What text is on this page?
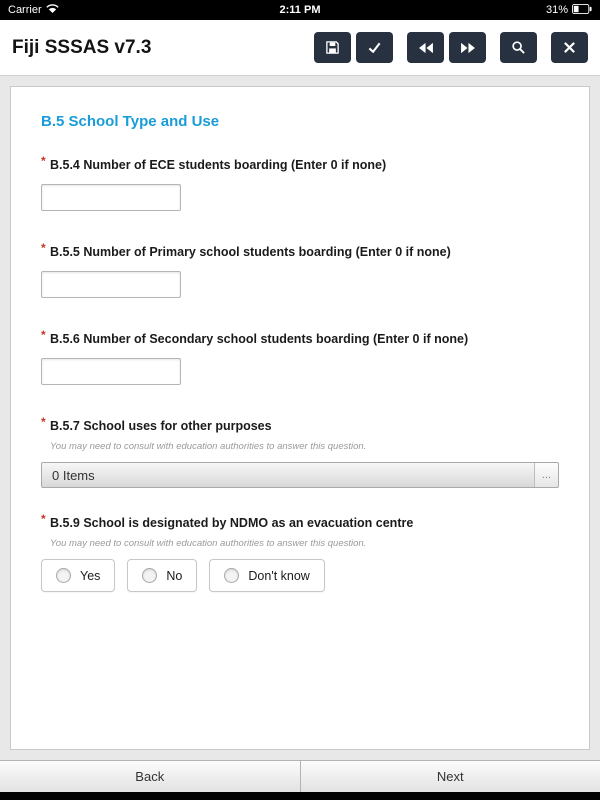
Carrier	2:11 PM	31%
Fiji SSSAS v7.3
B.5 School Type and Use
* B.5.4 Number of ECE students boarding (Enter 0 if none)
* B.5.5 Number of Primary school students boarding (Enter 0 if none)
* B.5.6 Number of Secondary school students boarding (Enter 0 if none)
* B.5.7 School uses for other purposes
You may need to consult with education authorities to answer this question.
0 Items	...
* B.5.9 School is designated by NDMO as an evacuation centre
You may need to consult with education authorities to answer this question.
Yes	No	Don't know
Back	Next
